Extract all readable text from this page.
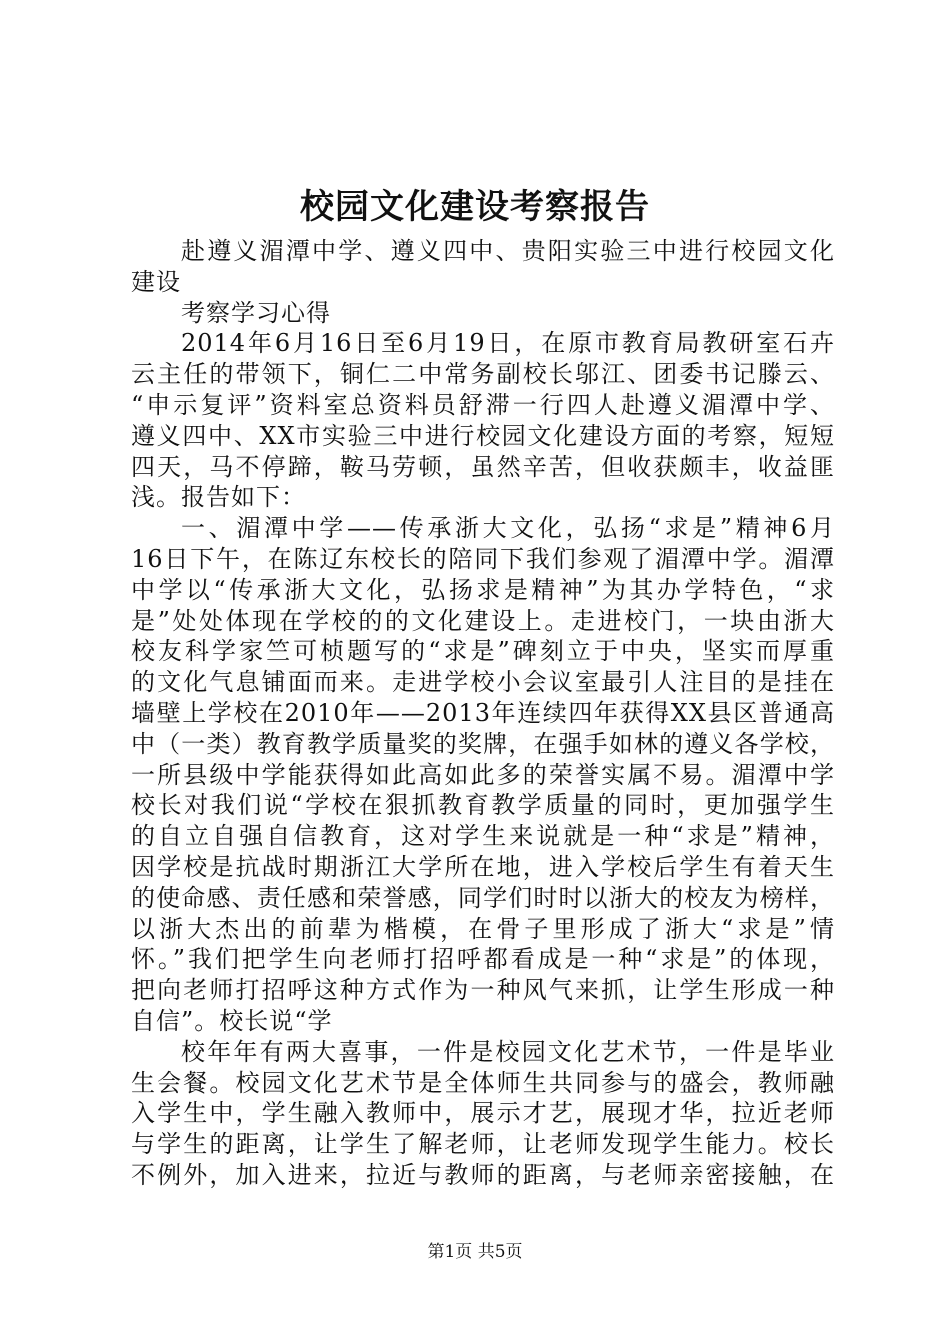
校园文化建设考察报告
赴遵义湄潭中学、遵义四中、贵阳实验三中进行校园文化
建设
考察学习心得
2014年6月16日至6月19日，在原市教育局教研室石卉
云主任的带领下，铜仁二中常务副校长邬江、团委书记滕云、
“申示复评”资料室总资料员舒滞一行四人赴遵义湄潭中学、
遵义四中、XX市实验三中进行校园文化建设方面的考察，短短
四天，马不停蹄，鞍马劳顿，虽然辛苦，但收获颇丰，收益匪
浅。报告如下：
一、湄潭中学——传承浙大文化，弘扬“求是”精神6月
16日下午，在陈辽东校长的陪同下我们参观了湄潭中学。湄潭
中学以“传承浙大文化，弘扬求是精神”为其办学特色，“求
是”处处体现在学校的的文化建设上。走进校门，一块由浙大
校友科学家竺可桢题写的“求是”碑刻立于中央，坚实而厚重
的文化气息铺面而来。走进学校小会议室最引人注目的是挂在
墙壁上学校在2010年——2013年连续四年获得XX县区普通高
中（一类）教育教学质量奖的奖牌，在强手如林的遵义各学校，
一所县级中学能获得如此高如此多的荣誉实属不易。湄潭中学
校长对我们说“学校在狠抓教育教学质量的同时，更加强学生
的自立自强自信教育，这对学生来说就是一种“求是”精神，
因学校是抗战时期浙江大学所在地，进入学校后学生有着天生
的使命感、责任感和荣誉感，同学们时时以浙大的校友为榜样，
以浙大杰出的前辈为楷模，在骨子里形成了浙大“求是”情
怀。”我们把学生向老师打招呼都看成是一种“求是”的体现，
把向老师打招呼这种方式作为一种风气来抓，让学生形成一种
自信”。校长说“学
校年年有两大喜事，一件是校园文化艺术节，一件是毕业
生会餐。校园文化艺术节是全体师生共同参与的盛会，教师融
入学生中，学生融入教师中，展示才艺，展现才华，拉近老师
与学生的距离，让学生了解老师，让老师发现学生能力。校长
不例外，加入进来，拉近与教师的距离，与老师亲密接触，在
第1页 共5页
